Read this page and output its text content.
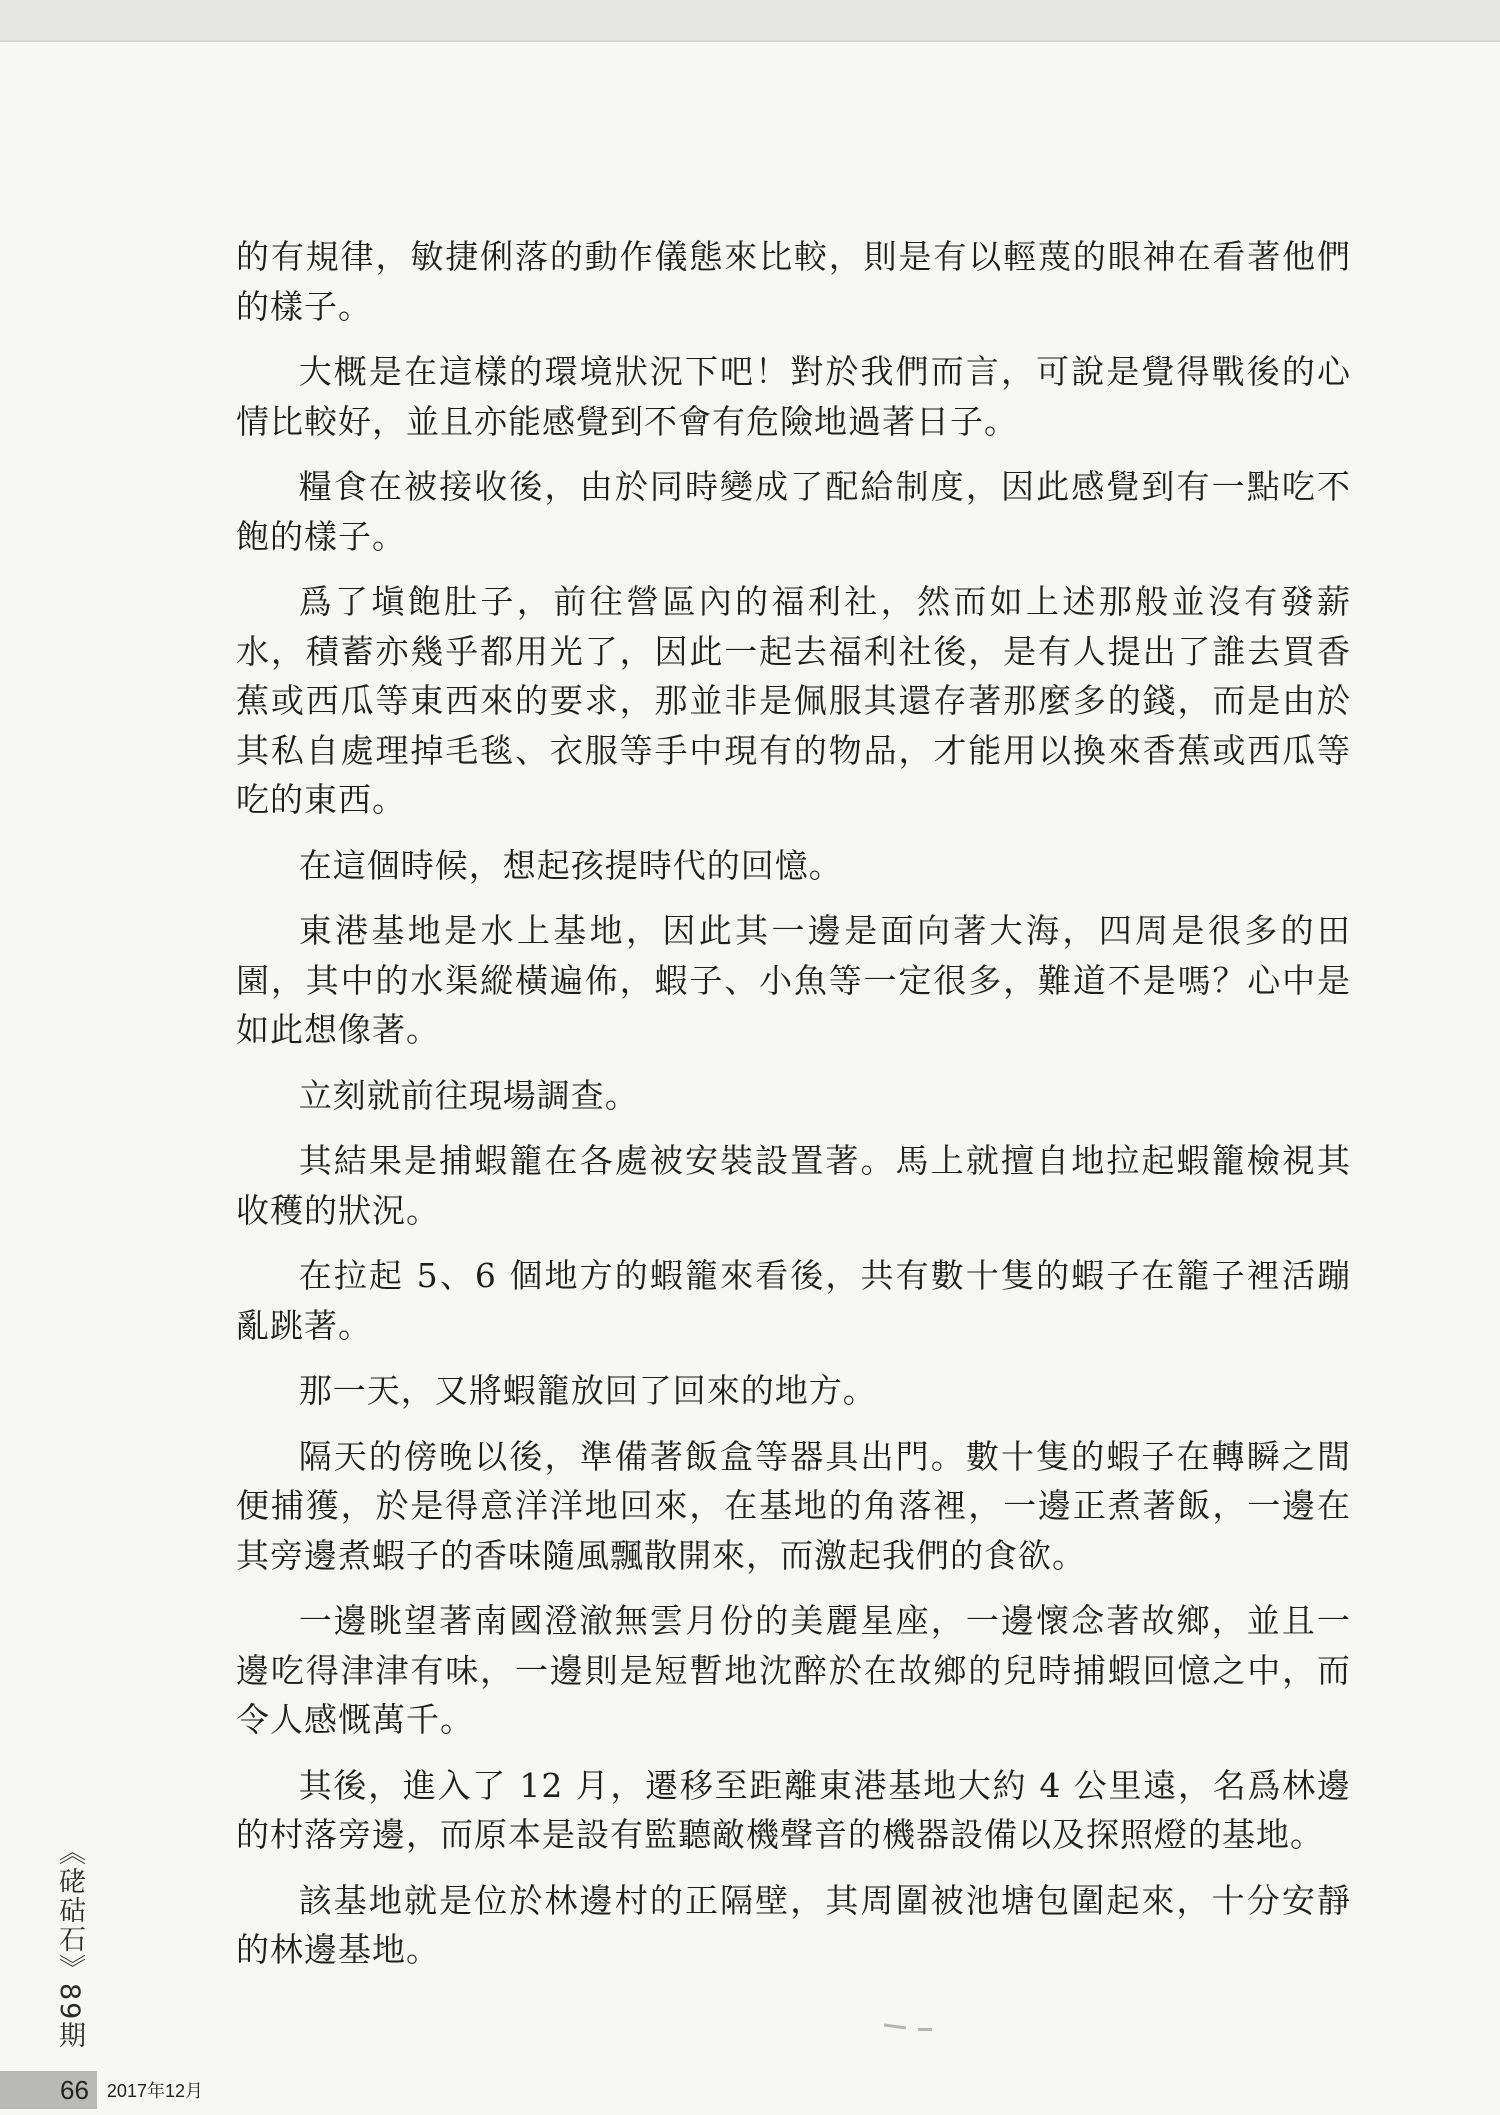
的有規律，敏捷俐落的動作儀態來比較，則是有以輕蔑的眼神在看著他們的樣子。

大概是在這樣的環境狀況下吧！對於我們而言，可說是覺得戰後的心情比較好，並且亦能感覺到不會有危險地過著日子。

糧食在被接收後，由於同時變成了配給制度，因此感覺到有一點吃不飽的樣子。

爲了塡飽肚子，前往營區內的福利社，然而如上述那般並沒有發薪水，積蓄亦幾乎都用光了，因此一起去福利社後，是有人提出了誰去買香蕉或西瓜等東西來的要求，那並非是佩服其還存著那麼多的錢，而是由於其私自處理掉毛毯、衣服等手中現有的物品，才能用以換來香蕉或西瓜等吃的東西。

在這個時候，想起孩提時代的回憶。

東港基地是水上基地，因此其一邊是面向著大海，四周是很多的田園，其中的水渠縱橫遍佈，蝦子、小魚等一定很多，難道不是嗎？心中是如此想像著。

立刻就前往現場調查。

其結果是捕蝦籠在各處被安裝設置著。馬上就擅自地拉起蝦籠檢視其收穫的狀況。

在拉起 5、6 個地方的蝦籠來看後，共有數十隻的蝦子在籠子裡活蹦亂跳著。

那一天，又將蝦籠放回了回來的地方。

隔天的傍晚以後，準備著飯盒等器具出門。數十隻的蝦子在轉瞬之間便捕獲，於是得意洋洋地回來，在基地的角落裡，一邊正煮著飯，一邊在其旁邊煮蝦子的香味隨風飄散開來，而激起我們的食欲。

一邊眺望著南國澄澈無雲月份的美麗星座，一邊懷念著故鄉，並且一邊吃得津津有味，一邊則是短暫地沈醉於在故鄉的兒時捕蝦回憶之中，而令人感慨萬千。

其後，進入了 12 月，遷移至距離東港基地大約 4 公里遠，名爲林邊的村落旁邊，而原本是設有監聽敵機聲音的機器設備以及探照燈的基地。

該基地就是位於林邊村的正隔壁，其周圍被池塘包圍起來，十分安靜的林邊基地。

《硓𥑮石》89期
66	2017年12月
